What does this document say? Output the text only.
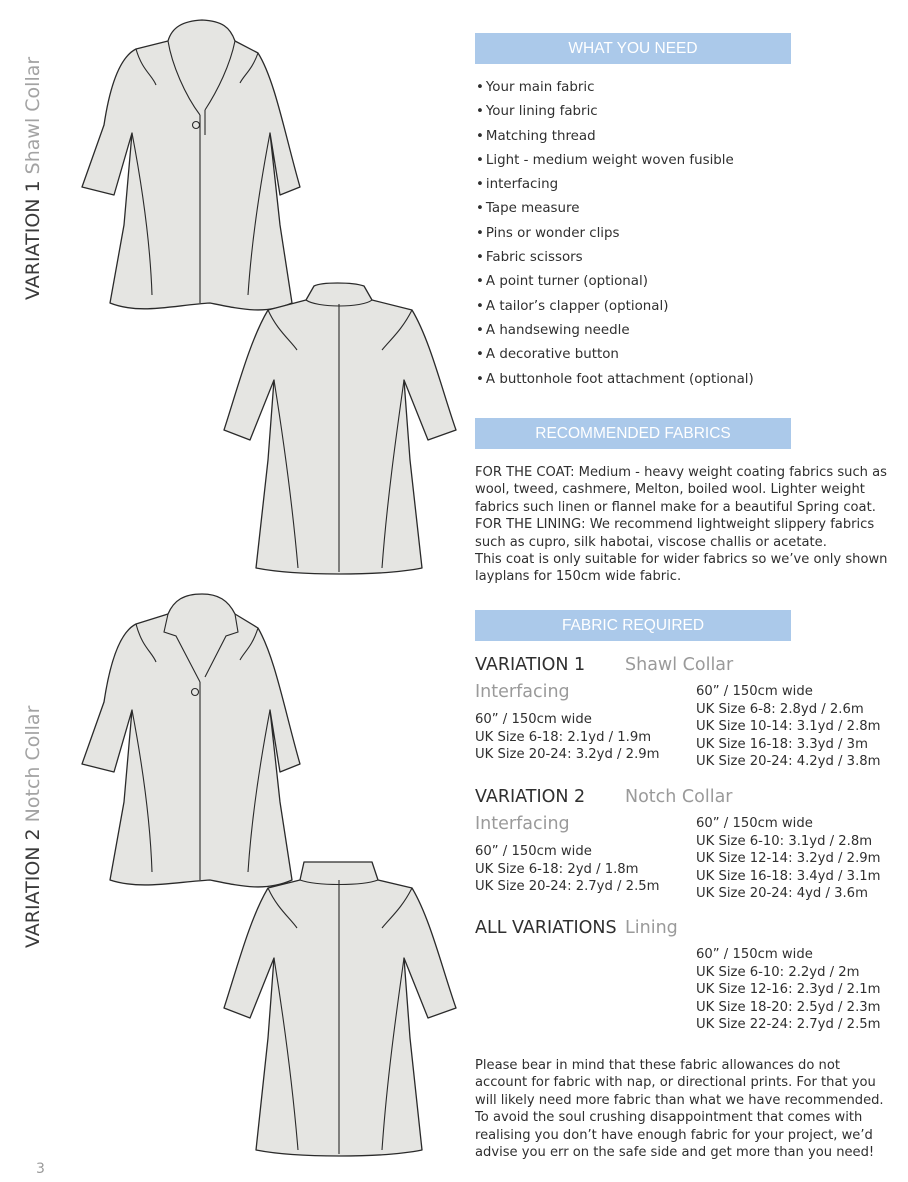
VARIATION 1 Shawl Collar
VARIATION 2 Notch Collar
WHAT YOU NEED
• Your main fabric
• Your lining fabric
• Matching thread
• Light - medium weight woven fusible
• interfacing
• Tape measure
• Pins or wonder clips
• Fabric scissors
• A point turner (optional)
• A tailor’s clapper (optional)
• A handsewing needle
• A decorative button
• A buttonhole foot attachment (optional)
RECOMMENDED FABRICS

FOR THE COAT: Medium - heavy weight coating fabrics such as wool, tweed, cashmere, Melton, boiled wool. Lighter weight fabrics such linen or flannel make for a beautiful Spring coat.

FOR THE LINING: We recommend lightweight slippery fabrics such as cupro, silk habotai, viscose challis or acetate.

This coat is only suitable for wider fabrics so we’ve only shown layplans for 150cm wide fabric.

FABRIC REQUIRED
VARIATION 1 Shawl Collar
Interfacing
60” / 150cm wide
UK Size 6-18: 2.1yd / 1.9m
UK Size 20-24: 3.2yd / 2.9m
60” / 150cm wide
UK Size 6-8: 2.8yd / 2.6m
UK Size 10-14: 3.1yd / 2.8m
UK Size 16-18: 3.3yd / 3m
UK Size 20-24: 4.2yd / 3.8m
VARIATION 2 Notch Collar
Interfacing
60” / 150cm wide
UK Size 6-18: 2yd / 1.8m
UK Size 20-24: 2.7yd / 2.5m
60” / 150cm wide
UK Size 6-10: 3.1yd / 2.8m
UK Size 12-14: 3.2yd / 2.9m
UK Size 16-18: 3.4yd / 3.1m
UK Size 20-24: 4yd / 3.6m
ALL VARIATIONS Lining
60” / 150cm wide
UK Size 6-10: 2.2yd / 2m
UK Size 12-16: 2.3yd / 2.1m
UK Size 18-20: 2.5yd / 2.3m
UK Size 22-24: 2.7yd / 2.5m

Please bear in mind that these fabric allowances do not account for fabric with nap, or directional prints. For that you will likely need more fabric than what we have recommended. To avoid the soul crushing disappointment that comes with realising you don’t have enough fabric for your project, we’d advise you err on the safe side and get more than you need!

3
